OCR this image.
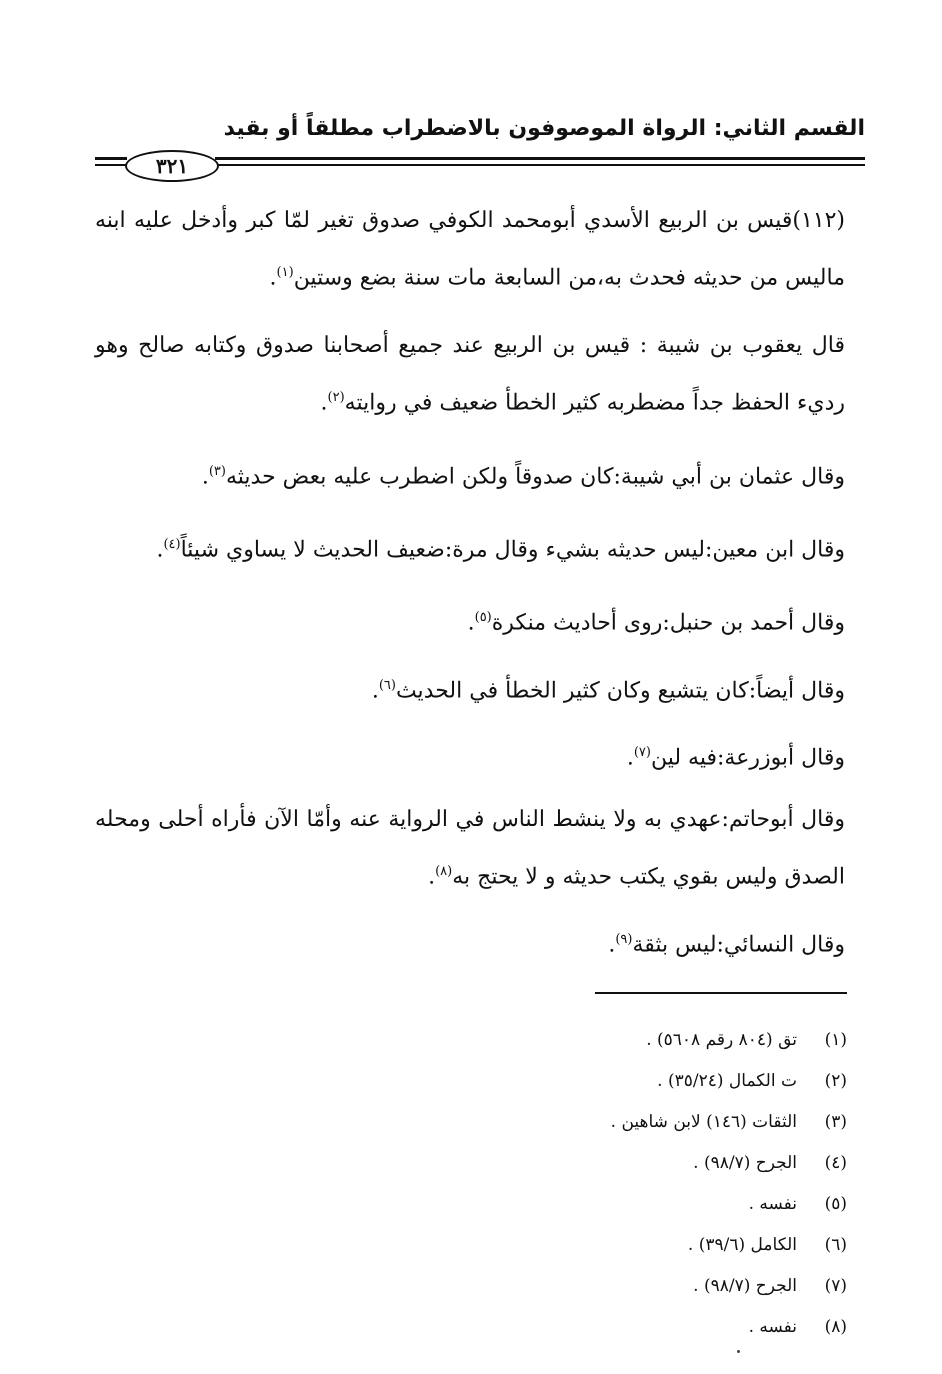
القسم الثاني: الرواة الموصوفون بالاضطراب مطلقاً أو بقيد
٣٢١

(١١٢)قيس بن الربيع الأسدي أبومحمد الكوفي صدوق تغير لمّا كبر وأدخل عليه ابنه ماليس من حديثه فحدث به،من السابعة مات سنة بضع وستين$^{(١)}$.

قال يعقوب بن شيبة : قيس بن الربيع عند جميع أصحابنا صدوق وكتابه صالح وهو رديء الحفظ جداً مضطربه كثير الخطأ ضعيف في روايته$^{(٢)}$.

وقال عثمان بن أبي شيبة:كان صدوقاً ولكن اضطرب عليه بعض حديثه$^{(٣)}$.

وقال ابن معين:ليس حديثه بشيء وقال مرة:ضعيف الحديث لا يساوي شيئاً$^{(٤)}$.

وقال أحمد بن حنبل:روى أحاديث منكرة$^{(٥)}$.

وقال أيضاً:كان يتشيع وكان كثير الخطأ في الحديث$^{(٦)}$.

وقال أبوزرعة:فيه لين$^{(٧)}$.

وقال أبوحاتم:عهدي به ولا ينشط الناس في الرواية عنه وأمّا الآن فأراه أحلى ومحله الصدق وليس بقوي يكتب حديثه و لا يحتج به$^{(٨)}$.

وقال النسائي:ليس بثقة$^{(٩)}$.

(١)
تق (٨٠٤ رقم ٥٦٠٨) .
(٢)
ت الكمال (٣٥/٢٤) .
(٣)
الثقات (١٤٦) لابن شاهين .
(٤)
الجرح (٩٨/٧) .
(٥)
نفسه .
(٦)
الكامل (٣٩/٦) .
(٧)
الجرح (٩٨/٧) .
(٨)
نفسه .
